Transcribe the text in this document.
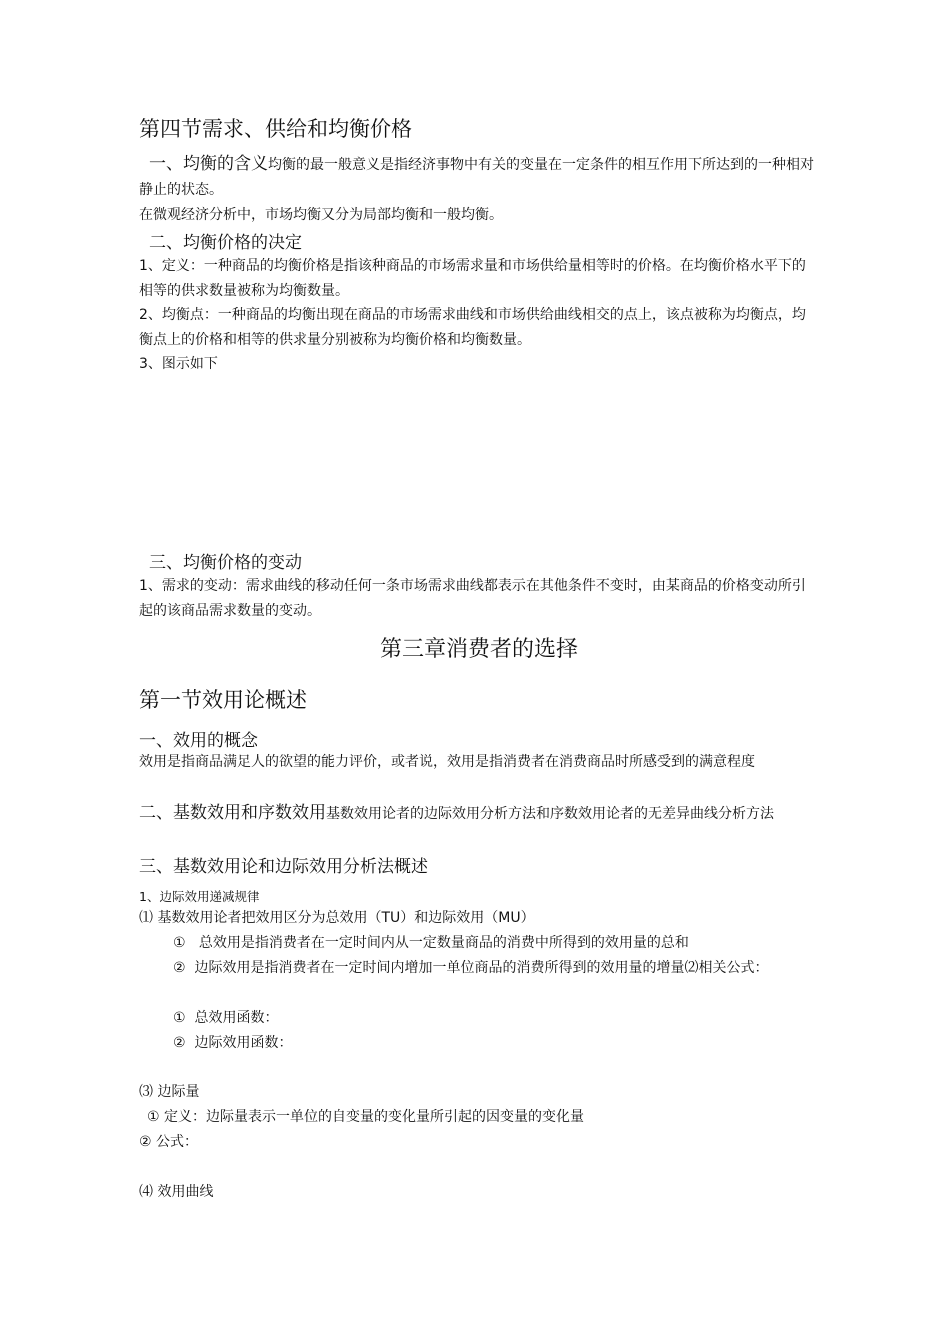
第四节需求、供给和均衡价格
一、均衡的含义均衡的最一般意义是指经济事物中有关的变量在一定条件的相互作用下所达到的一种相对静止的状态。
在微观经济分析中，市场均衡又分为局部均衡和一般均衡。
二、均衡价格的决定
1、定义：一种商品的均衡价格是指该种商品的市场需求量和市场供给量相等时的价格。在均衡价格水平下的相等的供求数量被称为均衡数量。
2、均衡点：一种商品的均衡出现在商品的市场需求曲线和市场供给曲线相交的点上，该点被称为均衡点，均衡点上的价格和相等的供求量分别被称为均衡价格和均衡数量。
3、图示如下
三、均衡价格的变动
1、需求的变动：需求曲线的移动任何一条市场需求曲线都表示在其他条件不变时，由某商品的价格变动所引起的该商品需求数量的变动。
第三章消费者的选择
第一节效用论概述
一、效用的概念
效用是指商品满足人的欲望的能力评价，或者说，效用是指消费者在消费商品时所感受到的满意程度
二、基数效用和序数效用基数效用论者的边际效用分析方法和序数效用论者的无差异曲线分析方法
三、基数效用论和边际效用分析法概述
1、边际效用递减规律
⑴ 基数效用论者把效用区分为总效用（TU）和边际效用（MU）
①   总效用是指消费者在一定时间内从一定数量商品的消费中所得到的效用量的总和
②  边际效用是指消费者在一定时间内增加一单位商品的消费所得到的效用量的增量⑵相关公式：
①  总效用函数：
②  边际效用函数：
⑶ 边际量
① 定义：边际量表示一单位的自变量的变化量所引起的因变量的变化量
② 公式：
⑷ 效用曲线
